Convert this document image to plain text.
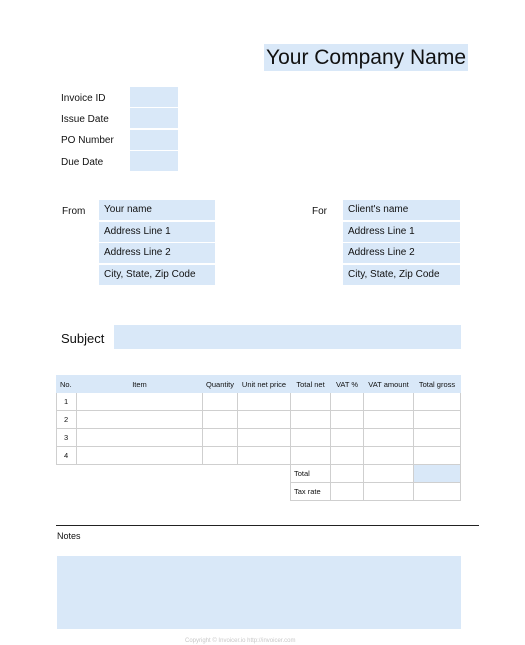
Your Company Name
Invoice ID
Issue Date
PO Number
Due Date
From	Your name
Address Line 1
Address Line 2
City, State, Zip Code
For	Client's name
Address Line 1
Address Line 2
City, State, Zip Code
Subject
No.	Item	Quantity	Unit net price	Total net	VAT %	VAT amount	Total gross
1							
2							
3							
4							
				Total			
				Tax rate			
Notes
Copyright © Invoicer.io http://invoicer.com
